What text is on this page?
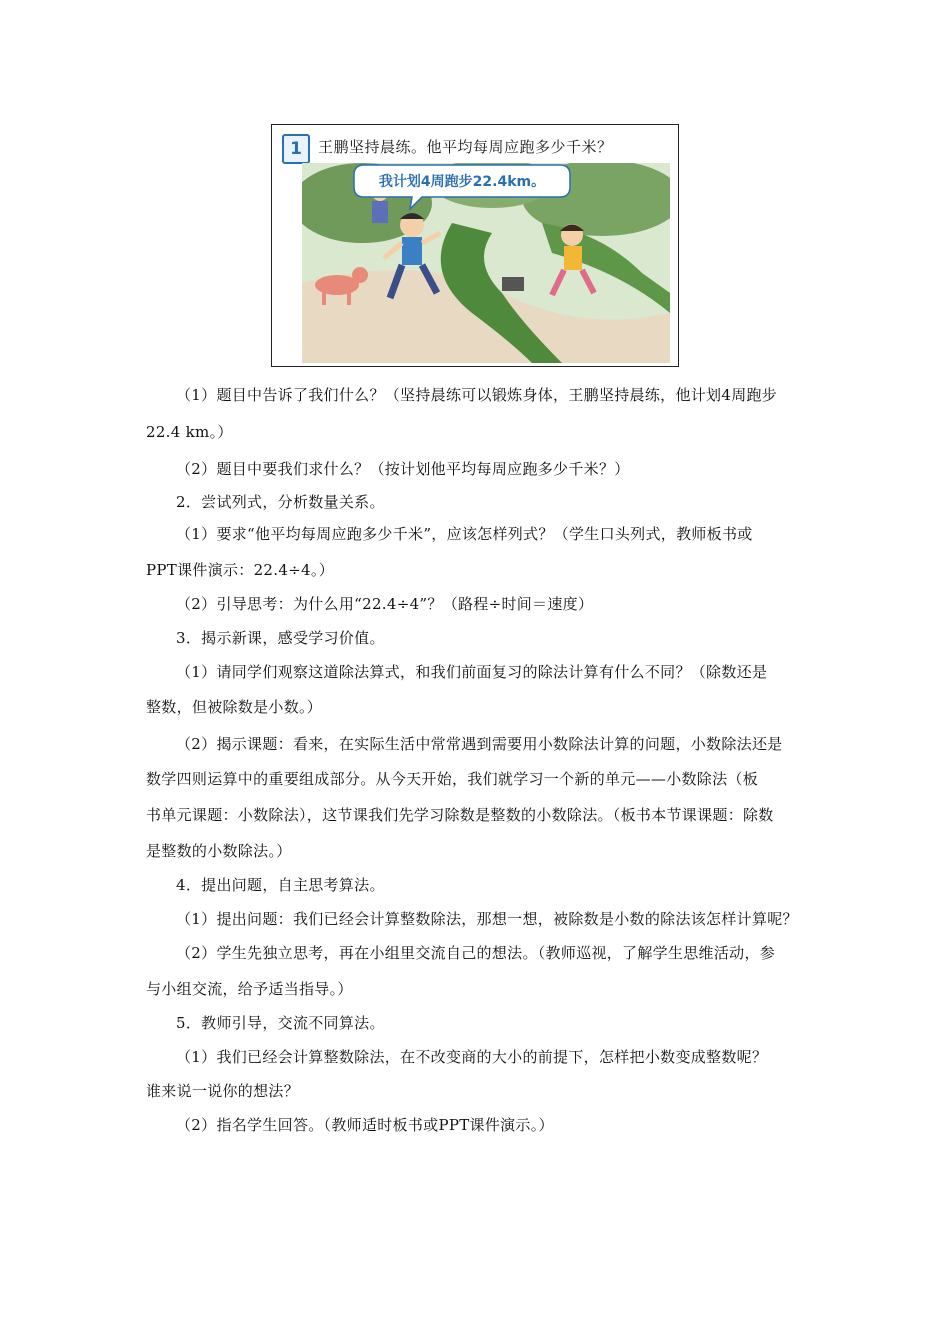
1	王鹏坚持晨练。他平均每周应跑多少千米？
我计划4周跑步22.4km。
（1）题目中告诉了我们什么？（坚持晨练可以锻炼身体，王鹏坚持晨练，他计划4周跑步
22.4 km。）
（2）题目中要我们求什么？（按计划他平均每周应跑多少千米？）
2．尝试列式，分析数量关系。
（1）要求“他平均每周应跑多少千米”，应该怎样列式？（学生口头列式，教师板书或
PPT课件演示：22.4÷4。）
（2）引导思考：为什么用“22.4÷4”？（路程÷时间＝速度）
3．揭示新课，感受学习价值。
（1）请同学们观察这道除法算式，和我们前面复习的除法计算有什么不同？（除数还是
整数，但被除数是小数。）
（2）揭示课题：看来，在实际生活中常常遇到需要用小数除法计算的问题，小数除法还是
数学四则运算中的重要组成部分。从今天开始，我们就学习一个新的单元——小数除法（板
书单元课题：小数除法），这节课我们先学习除数是整数的小数除法。（板书本节课课题：除数
是整数的小数除法。）
4．提出问题，自主思考算法。
（1）提出问题：我们已经会计算整数除法，那想一想，被除数是小数的除法该怎样计算呢？
（2）学生先独立思考，再在小组里交流自己的想法。（教师巡视，了解学生思维活动，参
与小组交流，给予适当指导。）
5．教师引导，交流不同算法。
（1）我们已经会计算整数除法，在不改变商的大小的前提下，怎样把小数变成整数呢？
谁来说一说你的想法？
（2）指名学生回答。（教师适时板书或PPT课件演示。）
